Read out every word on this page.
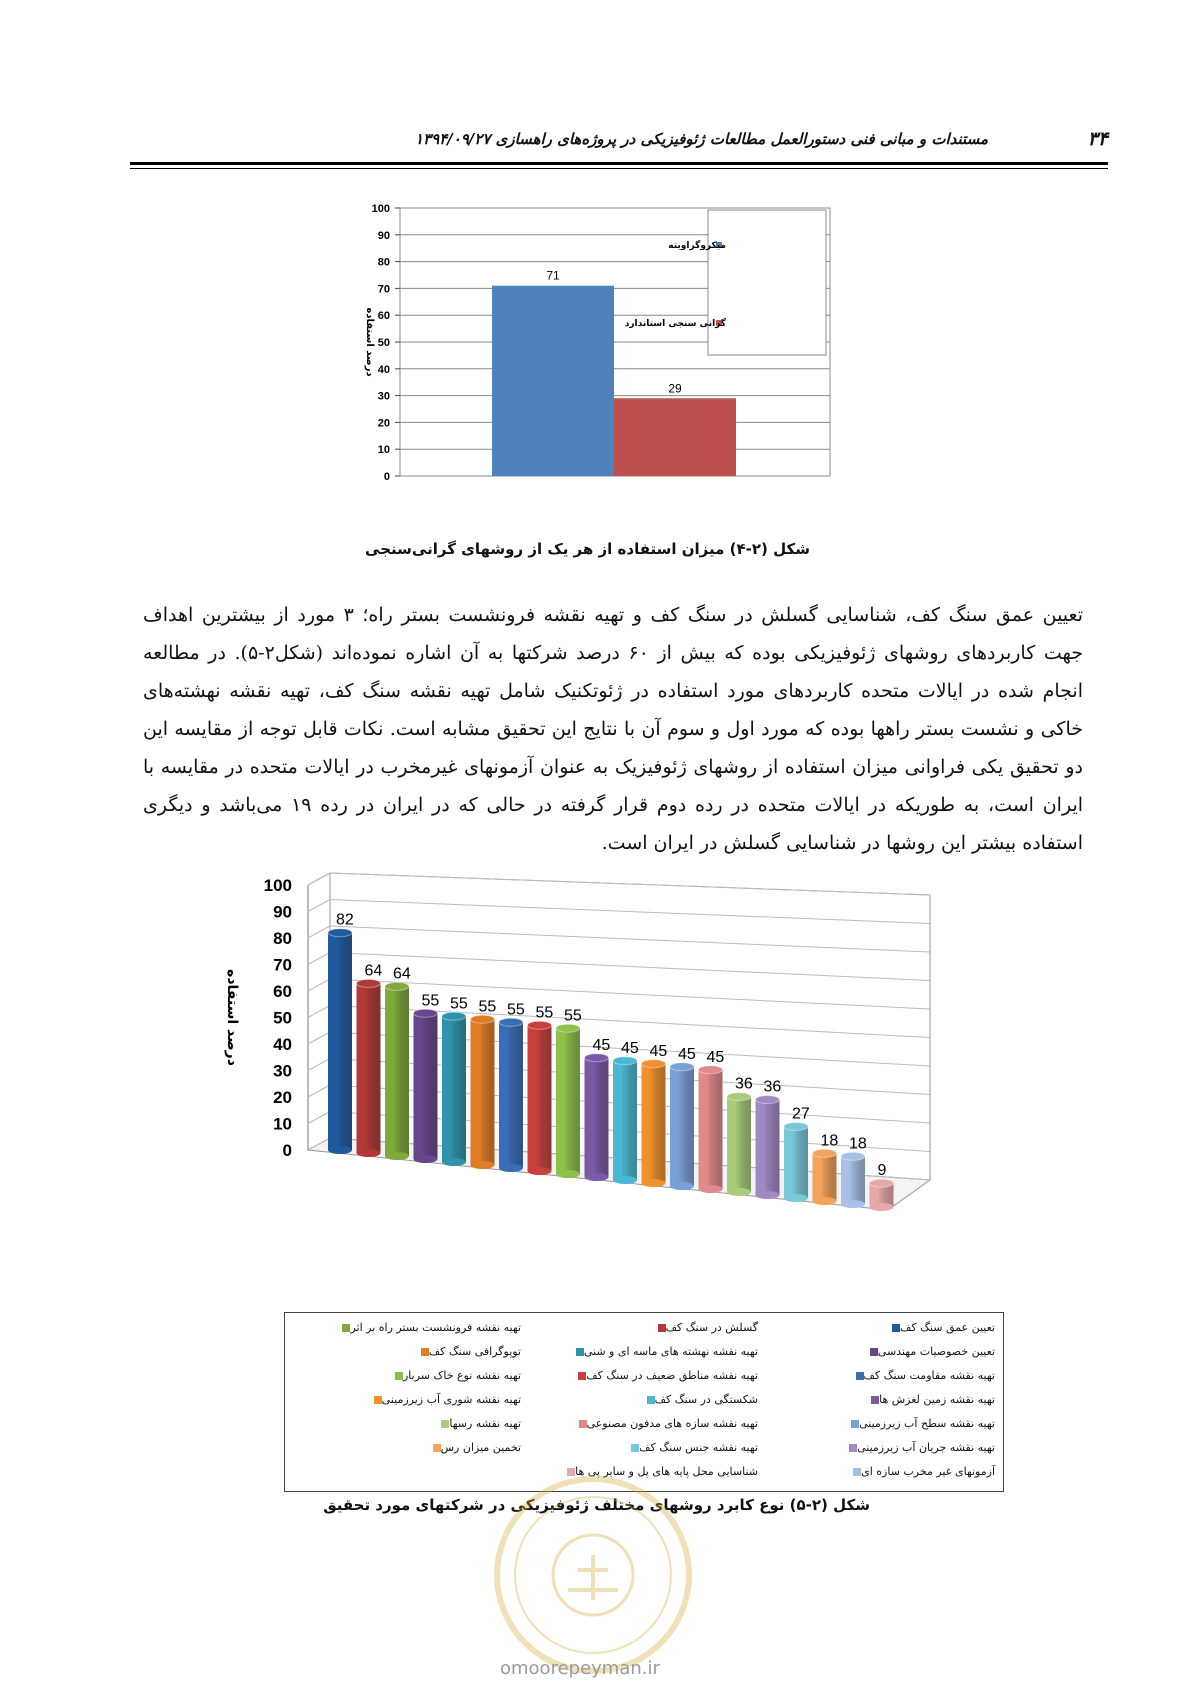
۳۴
مستندات و مبانی فنی دستورالعمل مطالعات ژئوفیزیکی در پروژه‌های راهسازی ۱۳۹۴/۰۹/۲۷
0
10
20
30
40
50
60
70
80
90
100
درصد استفاده
71
29
میکروگراویته
گرانی سنجی استاندارد
شکل (۲-۴) میزان استفاده از هر یک از روشهای گرانی‌سنجی
تعیین عمق سنگ کف، شناسایی گسلش در سنگ کف و تهیه نقشه فرونشست بستر راه؛ ۳ مورد از بیشترین اهداف
جهت کاربردهای روشهای ژئوفیزیکی بوده که بیش از ۶۰ درصد شرکتها به آن اشاره نموده‌اند (شکل۲-۵). در مطالعه
انجام شده در ایالات متحده کاربردهای مورد استفاده در ژئوتکنیک شامل تهیه نقشه سنگ کف، تهیه نقشه نهشته‌های
خاکی و نشست بستر راهها بوده که مورد اول و سوم آن با نتایج این تحقیق مشابه است. نکات قابل توجه از مقایسه این
دو تحقیق یکی فراوانی میزان استفاده از روشهای ژئوفیزیک به عنوان آزمونهای غیرمخرب در ایالات متحده در مقایسه با
ایران است، به طوریکه در ایالات متحده در رده دوم قرار گرفته در حالی که در ایران در رده ۱۹ می‌باشد و دیگری
استفاده بیشتر این روشها در شناسایی گسلش در ایران است.
0
10
20
30
40
50
60
70
80
90
100
درصد استفاده
82
64 64
55 55 55 55 55 55
45 45 45 45 45
36 36
27
18 18
9
تعیین عمق سنگ کف
گسلش در سنگ کف
تهیه نقشه فرونشست بستر راه بر اثر
تعیین خصوصیات مهندسی
تهیه نقشه نهشته های ماسه ای و شنی
توپوگرافی سنگ کف
تهیه نقشه مقاومت سنگ کف
تهیه نقشه مناطق ضعیف در سنگ کف
تهیه نقشه نوع خاک سربار
تهیه نقشه زمین لغزش ها
شکستگی در سنگ کف
تهیه نقشه شوری آب زیرزمینی
تهیه نقشه سطح آب زیرزمینی
تهیه نقشه سازه های مدفون مصنوعی
تهیه نقشه رسها
تهیه نقشه جریان آب زیرزمینی
تهیه نقشه جنس سنگ کف
تخمین میزان رس
آزمونهای غیر مخرب سازه ای
شناسایی محل پایه های پل و سایر پی ها
شکل (۲-۵) نوع کابرد روشهای مختلف ژئوفیزیکی در شرکتهای مورد تحقیق
omoorepeyman.ir
